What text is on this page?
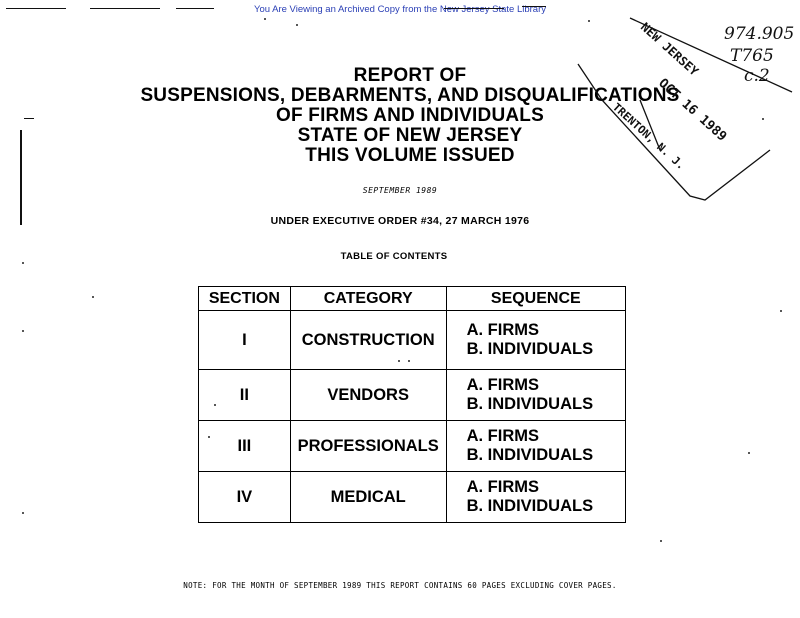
You Are Viewing an Archived Copy from the New Jersey State Library
REPORT OF
SUSPENSIONS, DEBARMENTS, AND DISQUALIFICATIONS
OF FIRMS AND INDIVIDUALS
STATE OF NEW JERSEY
THIS VOLUME ISSUED
SEPTEMBER 1989
UNDER EXECUTIVE ORDER #34, 27 MARCH 1976
TABLE OF CONTENTS
SECTION	CATEGORY	SEQUENCE
I	CONSTRUCTION	A. FIRMS
B. INDIVIDUALS

II	VENDORS	A. FIRMS
B. INDIVIDUALS

III	PROFESSIONALS	A. FIRMS
B. INDIVIDUALS

IV	MEDICAL	A. FIRMS
B. INDIVIDUALS
NOTE: FOR THE MONTH OF SEPTEMBER 1989 THIS REPORT CONTAINS 60 PAGES EXCLUDING COVER PAGES.
NEW JERSEY
OCT 16 1989
TRENTON, N. J.
974.905
T765
c.2
